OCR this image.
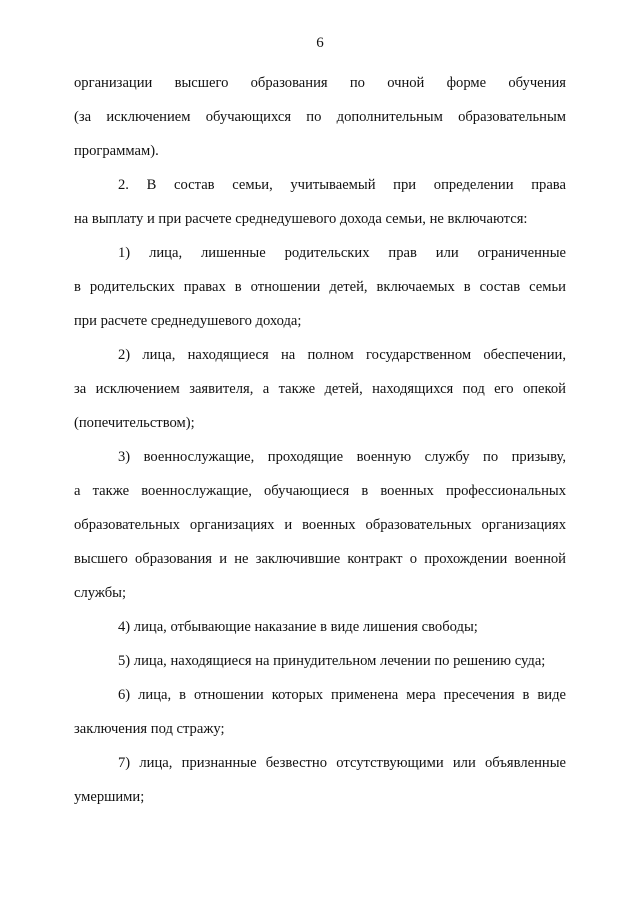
6
организации высшего образования по очной форме обучения
(за исключением обучающихся по дополнительным образовательным
программам).
2. В состав семьи, учитываемый при определении права
на выплату и при расчете среднедушевого дохода семьи, не включаются:
1) лица, лишенные родительских прав или ограниченные
в родительских правах в отношении детей, включаемых в состав семьи
при расчете среднедушевого дохода;
2) лица, находящиеся на полном государственном обеспечении,
за исключением заявителя, а также детей, находящихся под его опекой
(попечительством);
3) военнослужащие, проходящие военную службу по призыву,
а также военнослужащие, обучающиеся в военных профессиональных
образовательных организациях и военных образовательных организациях
высшего образования и не заключившие контракт о прохождении военной
службы;
4) лица, отбывающие наказание в виде лишения свободы;
5) лица, находящиеся на принудительном лечении по решению суда;
6) лица, в отношении которых применена мера пресечения в виде
заключения под стражу;
7) лица, признанные безвестно отсутствующими или объявленные
умершими;
